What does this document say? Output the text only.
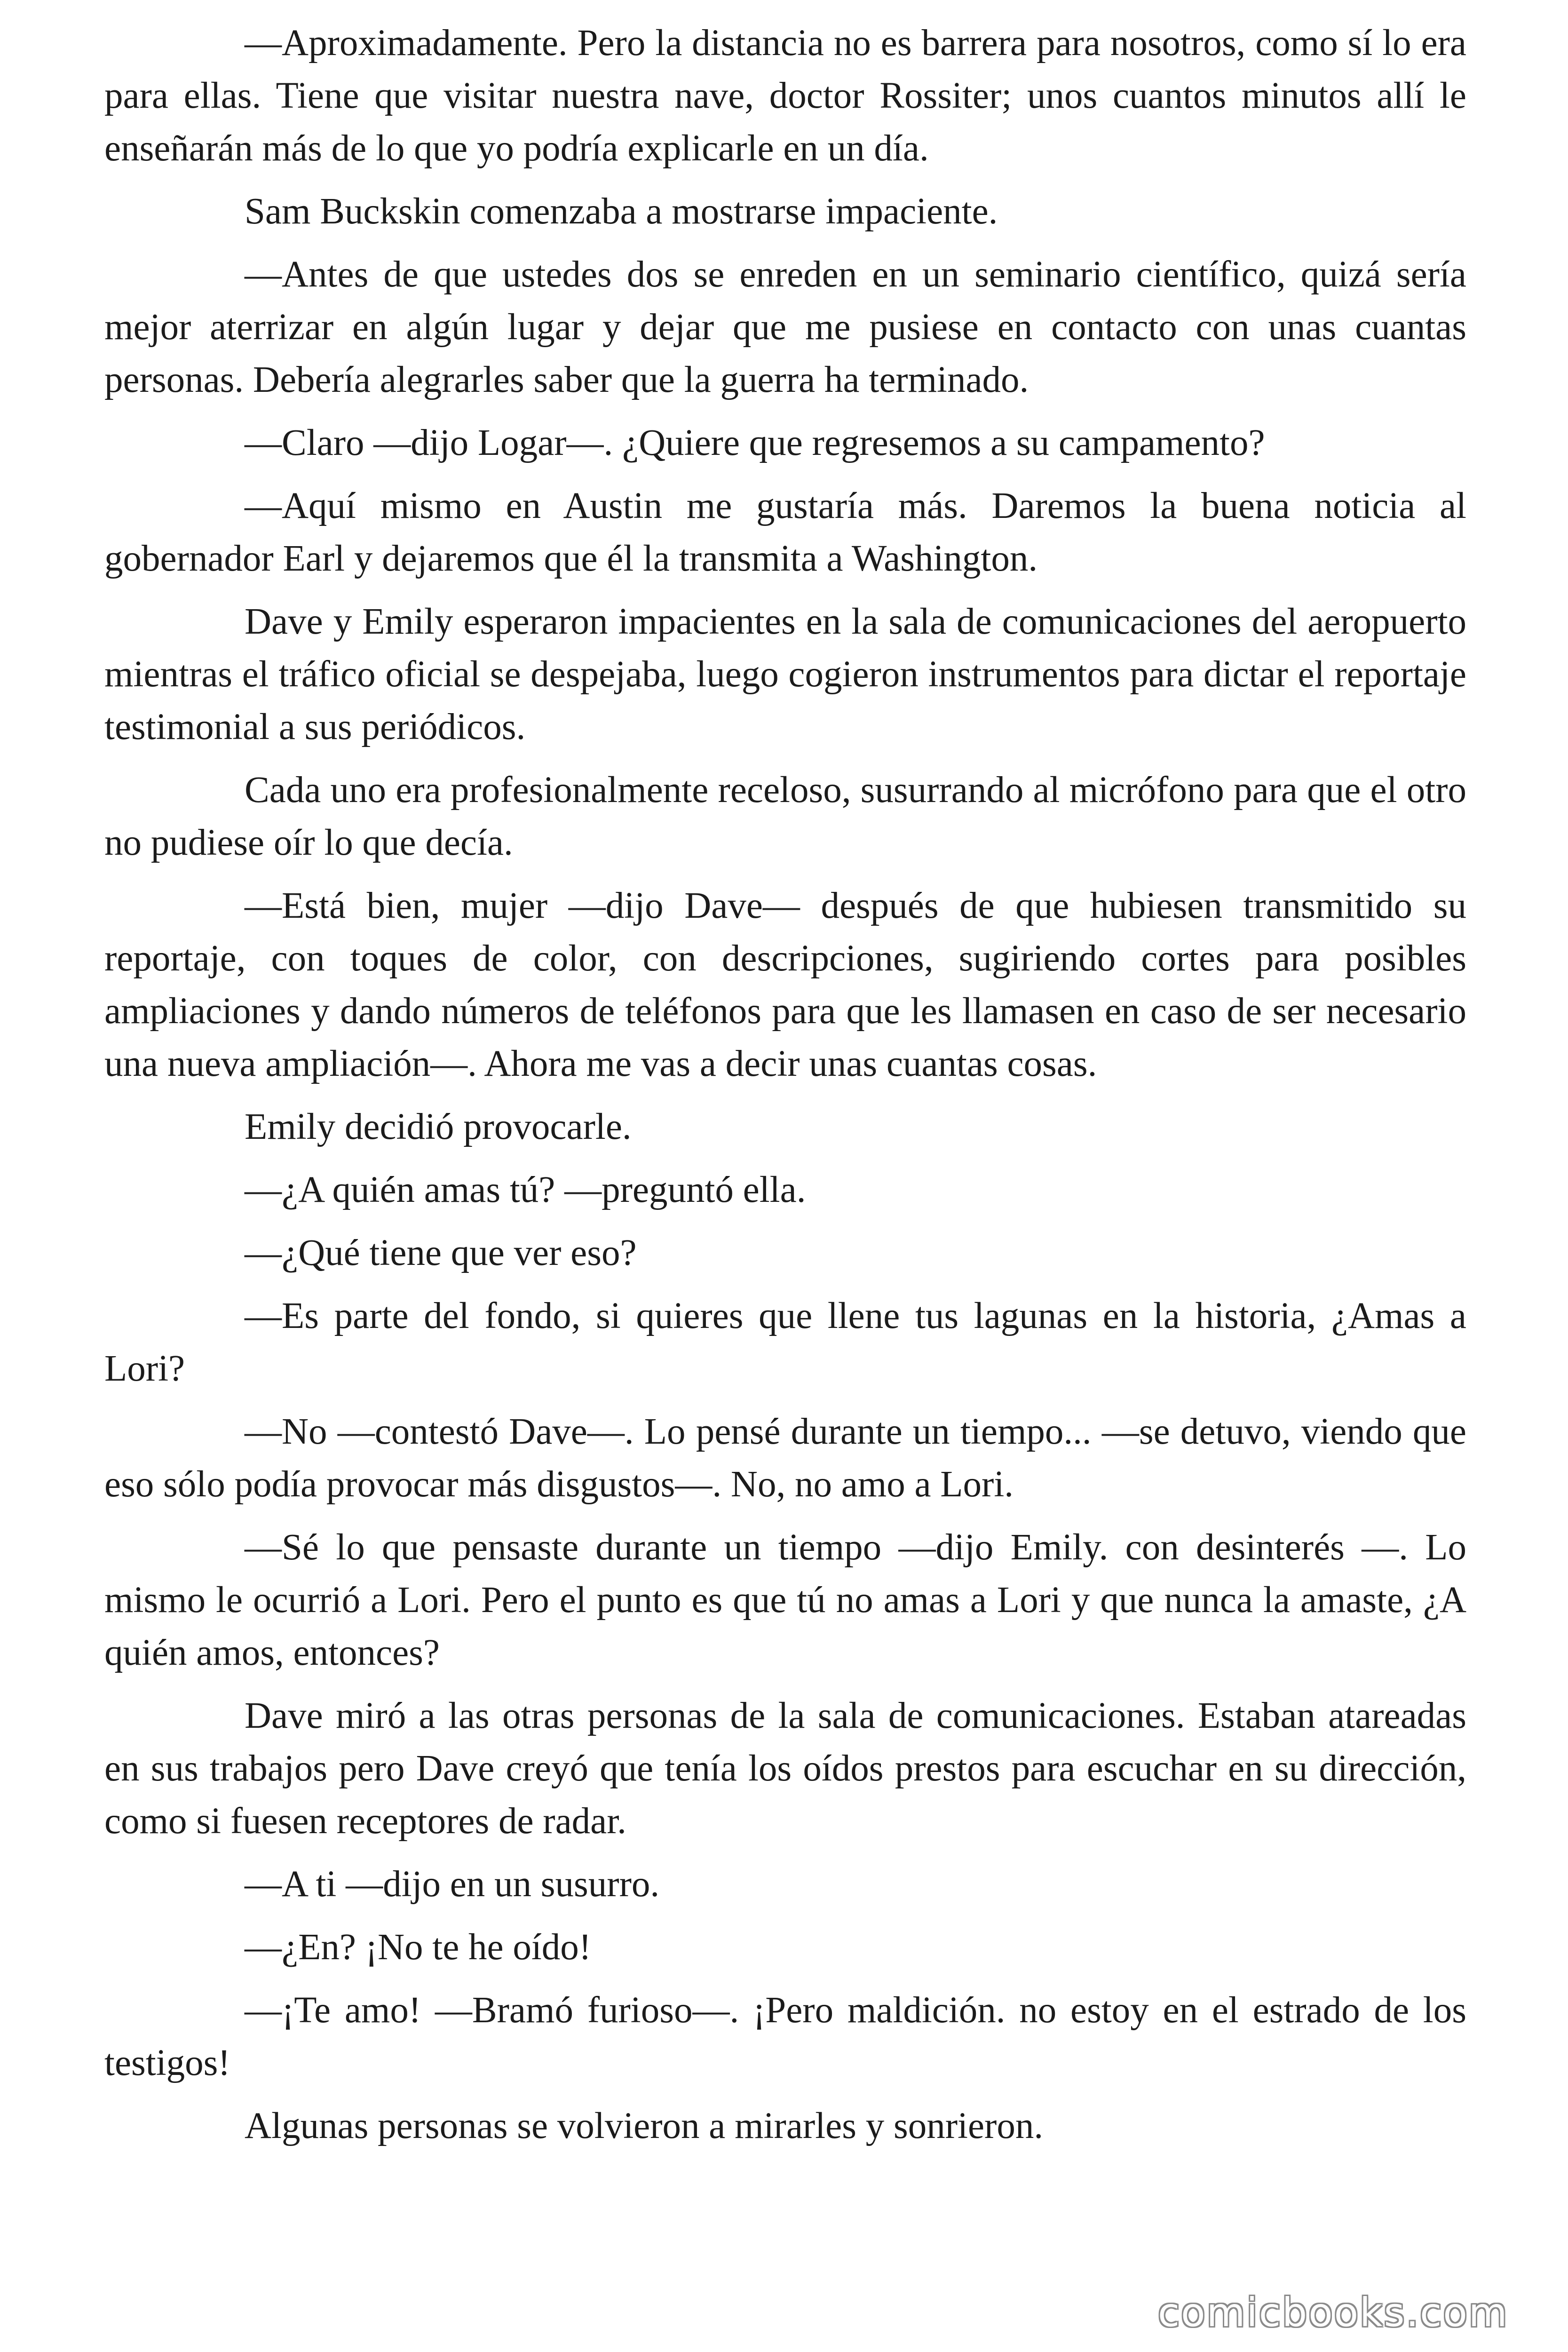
—Aproximadamente. Pero la distancia no es barrera para nosotros, como sí lo era para ellas. Tiene que visitar nuestra nave, doctor Rossiter; unos cuantos minutos allí le enseñarán más de lo que yo podría explicarle en un día.

Sam Buckskin comenzaba a mostrarse impaciente.

—Antes de que ustedes dos se enreden en un seminario científico, quizá sería mejor aterrizar en algún lugar y dejar que me pusiese en contacto con unas cuantas personas. Debería alegrarles saber que la guerra ha terminado.

—Claro —dijo Logar—. ¿Quiere que regresemos a su campamento?

—Aquí mismo en Austin me gustaría más. Daremos la buena noticia al gobernador Earl y dejaremos que él la transmita a Washington.

Dave y Emily esperaron impacientes en la sala de comunicaciones del aeropuerto mientras el tráfico oficial se despejaba, luego cogieron instrumentos para dictar el reportaje testimonial a sus periódicos.

Cada uno era profesionalmente receloso, susurrando al micrófono para que el otro no pudiese oír lo que decía.

—Está bien, mujer —dijo Dave— después de que hubiesen transmitido su reportaje, con toques de color, con descripciones, sugiriendo cortes para posibles ampliaciones y dando números de teléfonos para que les llamasen en caso de ser necesario una nueva ampliación—. Ahora me vas a decir unas cuantas cosas.

Emily decidió provocarle.

—¿A quién amas tú? —preguntó ella.

—¿Qué tiene que ver eso?

—Es parte del fondo, si quieres que llene tus lagunas en la historia, ¿Amas a Lori?

—No —contestó Dave—. Lo pensé durante un tiempo... —se detuvo, viendo que eso sólo podía provocar más disgustos—. No, no amo a Lori.

—Sé lo que pensaste durante un tiempo —dijo Emily. con desinterés —. Lo mismo le ocurrió a Lori. Pero el punto es que tú no amas a Lori y que nunca la amaste, ¿A quién amos, entonces?

Dave miró a las otras personas de la sala de comunicaciones. Estaban atareadas en sus trabajos pero Dave creyó que tenía los oídos prestos para escuchar en su dirección, como si fuesen receptores de radar.

—A ti —dijo en un susurro.

—¿En? ¡No te he oído!

—¡Te amo! —Bramó furioso—. ¡Pero maldición. no estoy en el estrado de los testigos!

Algunas personas se volvieron a mirarles y sonrieron.

comicbooks.com
